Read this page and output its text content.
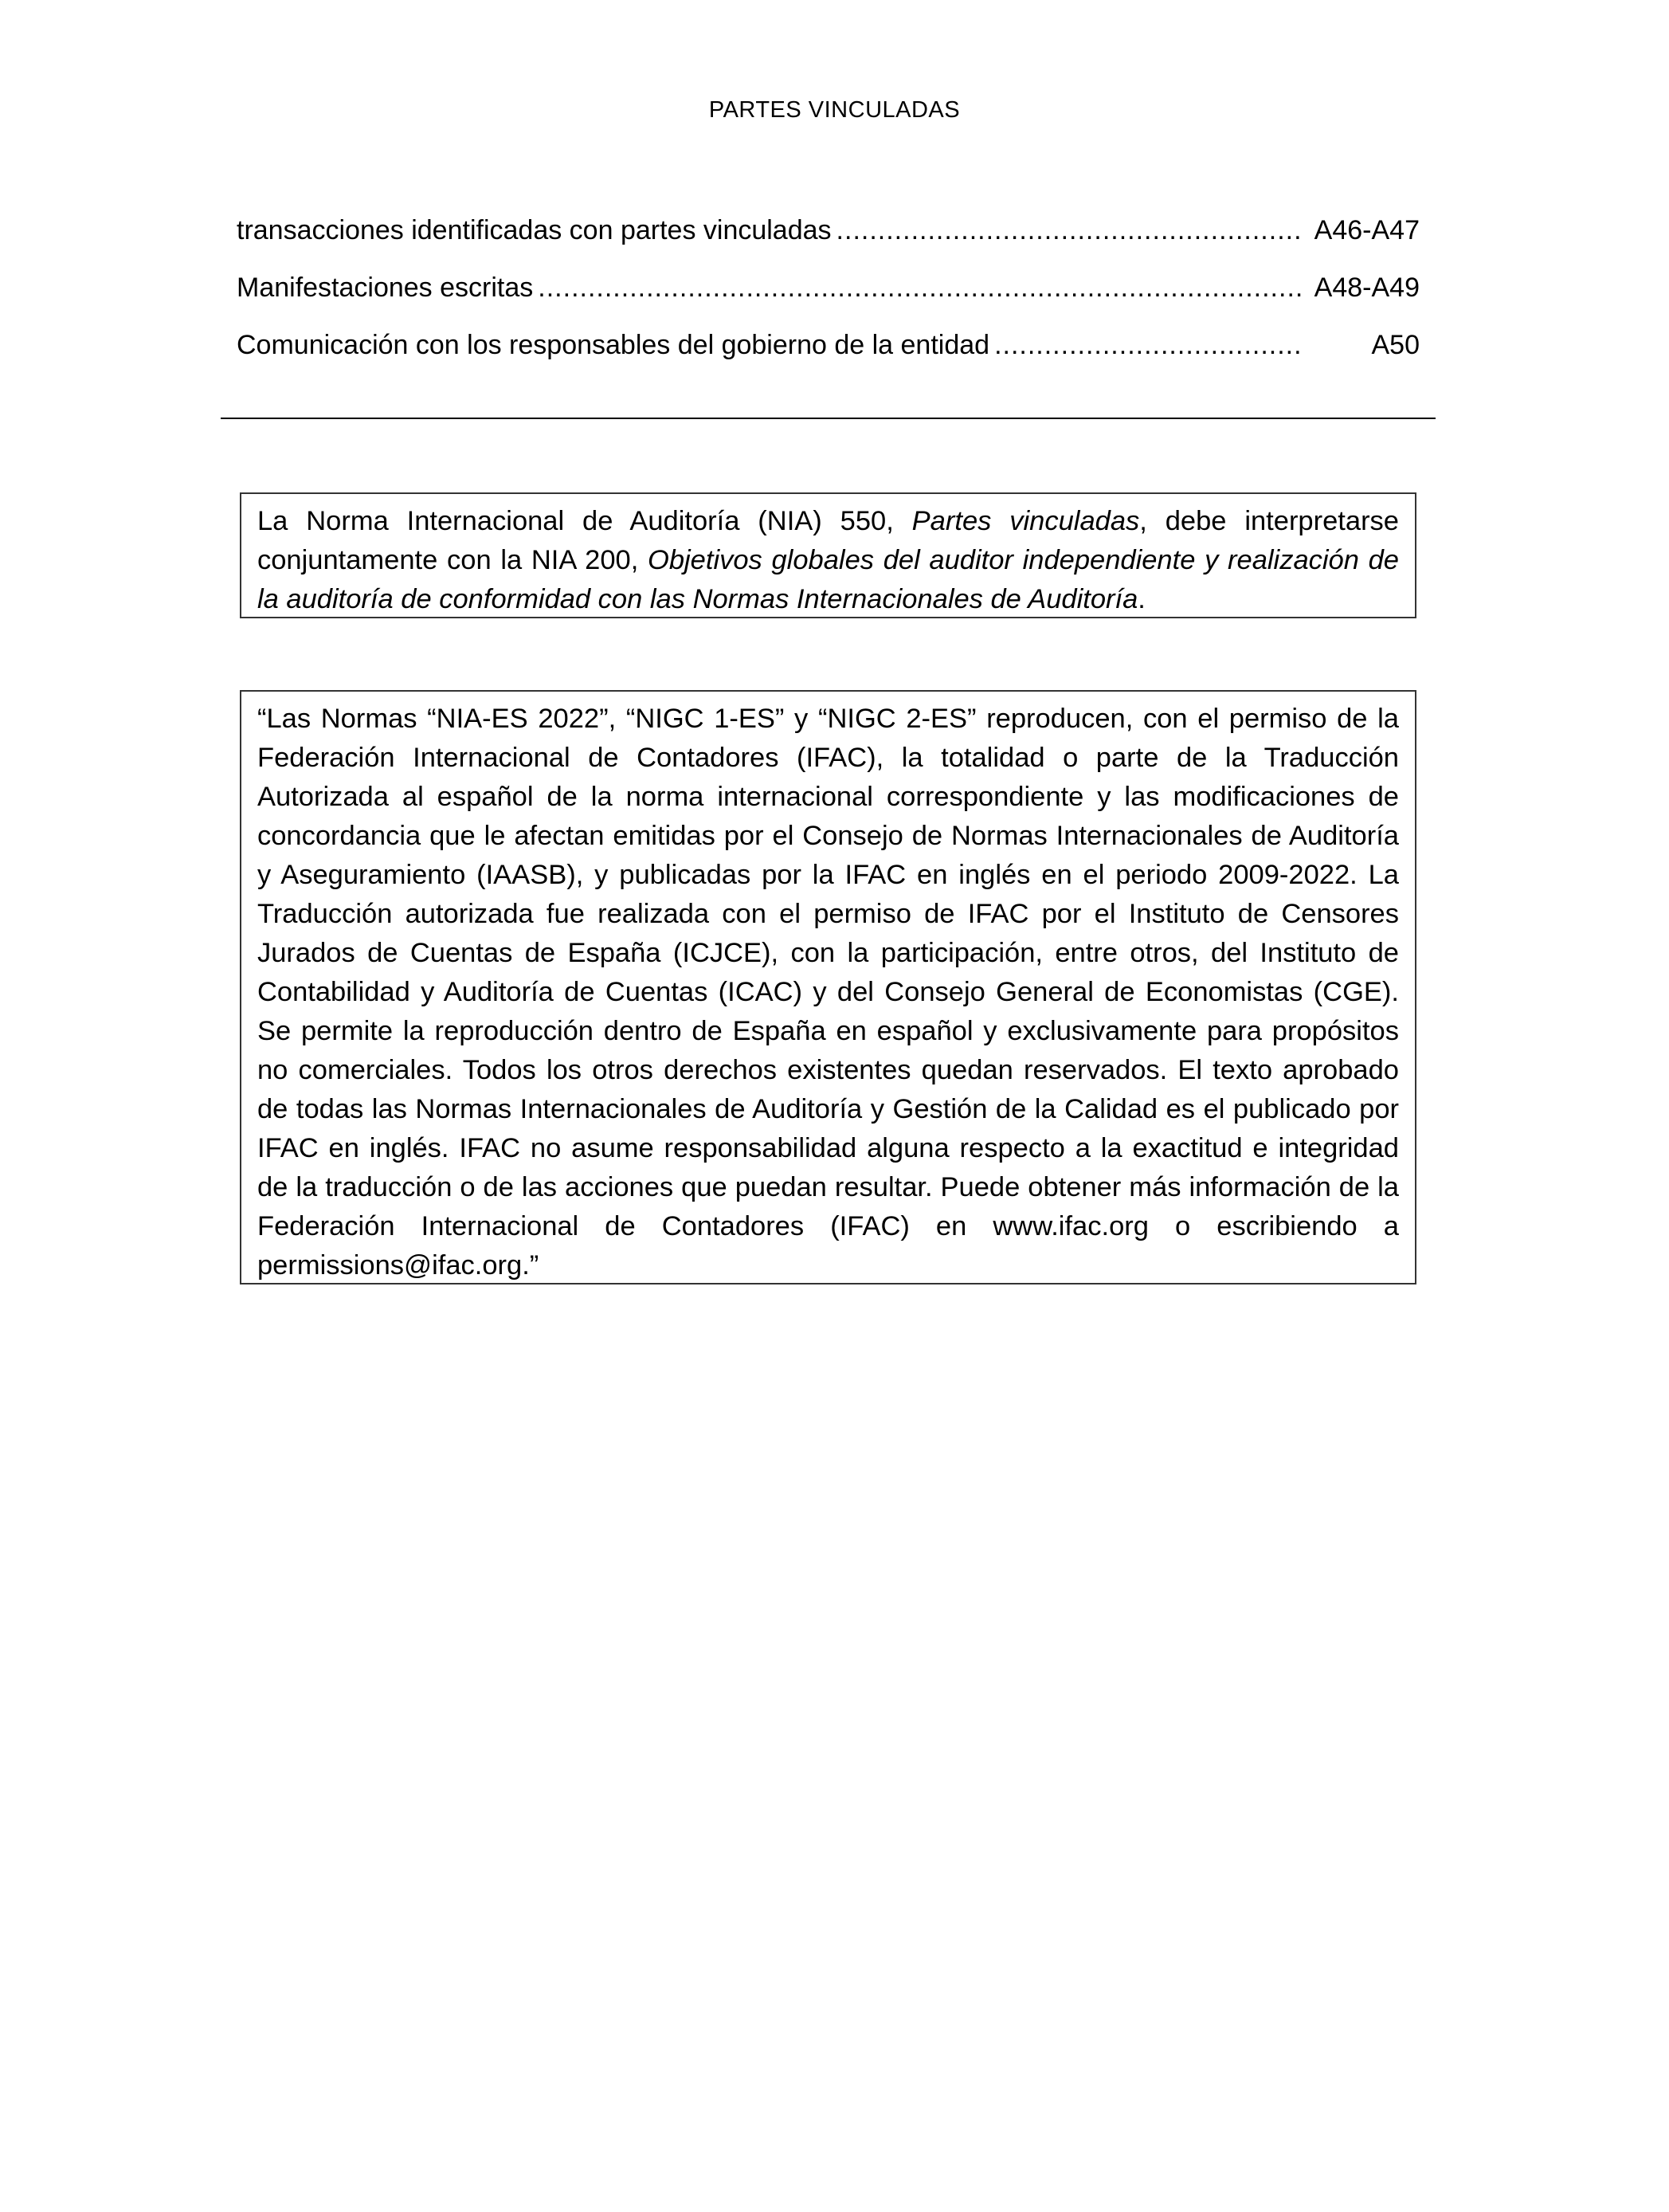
PARTES VINCULADAS
transacciones identificadas con partes vinculadas .....	A46-A47
Manifestaciones escritas .....	A48-A49
Comunicación con los responsables del gobierno de la entidad .....	A50

La Norma Internacional de Auditoría (NIA) 550, Partes vinculadas, debe interpretarse conjuntamente con la NIA 200, Objetivos globales del auditor independiente y realización de la auditoría de conformidad con las Normas Internacionales de Auditoría.

“Las Normas “NIA-ES 2022”, “NIGC 1-ES” y “NIGC 2-ES” reproducen, con el permiso de la Federación Internacional de Contadores (IFAC), la totalidad o parte de la Traducción Autorizada al español de la norma internacional correspondiente y las modificaciones de concordancia que le afectan emitidas por el Consejo de Normas Internacionales de Auditoría y Aseguramiento (IAASB), y publicadas por la IFAC en inglés en el periodo 2009-2022. La Traducción autorizada fue realizada con el permiso de IFAC por el Instituto de Censores Jurados de Cuentas de España (ICJCE), con la participación, entre otros, del Instituto de Contabilidad y Auditoría de Cuentas (ICAC) y del Consejo General de Economistas (CGE). Se permite la reproducción dentro de España en español y exclusivamente para propósitos no comerciales. Todos los otros derechos existentes quedan reservados. El texto aprobado de todas las Normas Internacionales de Auditoría y Gestión de la Calidad es el publicado por IFAC en inglés. IFAC no asume responsabilidad alguna respecto a la exactitud e integridad de la traducción o de las acciones que puedan resultar. Puede obtener más información de la Federación Internacional de Contadores (IFAC) en www.ifac.org o escribiendo a permissions@ifac.org.”
